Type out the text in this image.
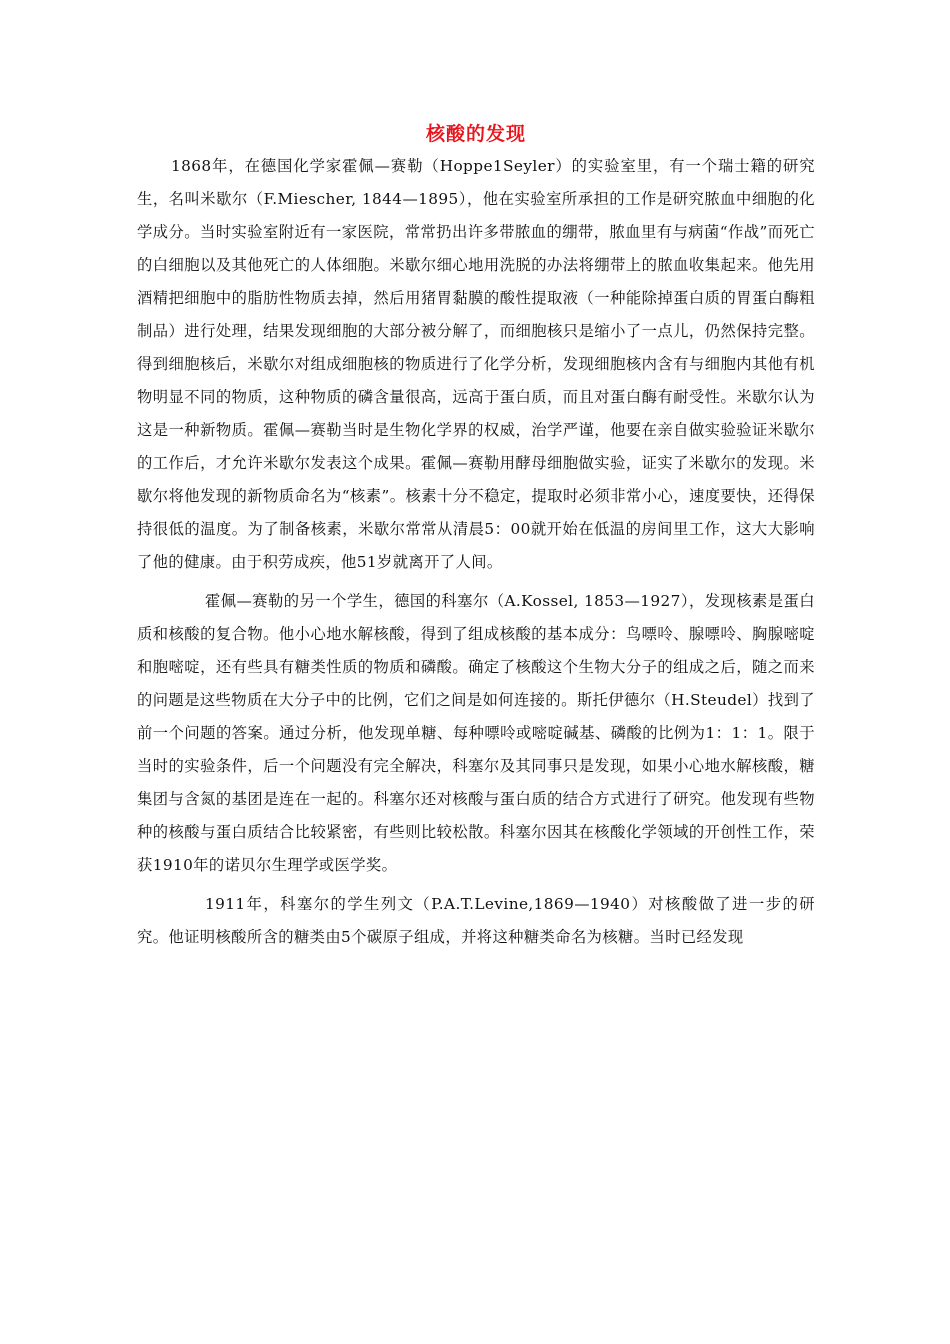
核酸的发现

1868年，在德国化学家霍佩—赛勒（Hoppe1Seyler）的实验室里，有一个瑞士籍的研究生，名叫米歇尔（F.Miescher, 1844—1895），他在实验室所承担的工作是研究脓血中细胞的化学成分。当时实验室附近有一家医院，常常扔出许多带脓血的绷带，脓血里有与病菌“作战”而死亡的白细胞以及其他死亡的人体细胞。米歇尔细心地用洗脱的办法将绷带上的脓血收集起来。他先用酒精把细胞中的脂肪性物质去掉，然后用猪胃黏膜的酸性提取液（一种能除掉蛋白质的胃蛋白酶粗制品）进行处理，结果发现细胞的大部分被分解了，而细胞核只是缩小了一点儿，仍然保持完整。得到细胞核后，米歇尔对组成细胞核的物质进行了化学分析，发现细胞核内含有与细胞内其他有机物明显不同的物质，这种物质的磷含量很高，远高于蛋白质，而且对蛋白酶有耐受性。米歇尔认为这是一种新物质。霍佩—赛勒当时是生物化学界的权威，治学严谨，他要在亲自做实验验证米歇尔的工作后，才允许米歇尔发表这个成果。霍佩—赛勒用酵母细胞做实验，证实了米歇尔的发现。米歇尔将他发现的新物质命名为“核素”。核素十分不稳定，提取时必须非常小心，速度要快，还得保持很低的温度。为了制备核素，米歇尔常常从清晨5：00就开始在低温的房间里工作，这大大影响了他的健康。由于积劳成疾，他51岁就离开了人间。

霍佩—赛勒的另一个学生，德国的科塞尔（A.Kossel, 1853—1927），发现核素是蛋白质和核酸的复合物。他小心地水解核酸，得到了组成核酸的基本成分：鸟嘌呤、腺嘌呤、胸腺嘧啶和胞嘧啶，还有些具有糖类性质的物质和磷酸。确定了核酸这个生物大分子的组成之后，随之而来的问题是这些物质在大分子中的比例，它们之间是如何连接的。斯托伊德尔（H.Steudel）找到了前一个问题的答案。通过分析，他发现单糖、每种嘌呤或嘧啶碱基、磷酸的比例为1：1：1。限于当时的实验条件，后一个问题没有完全解决，科塞尔及其同事只是发现，如果小心地水解核酸，糖集团与含氮的基团是连在一起的。科塞尔还对核酸与蛋白质的结合方式进行了研究。他发现有些物种的核酸与蛋白质结合比较紧密，有些则比较松散。科塞尔因其在核酸化学领域的开创性工作，荣获1910年的诺贝尔生理学或医学奖。

1911年，科塞尔的学生列文（P.A.T.Levine,1869—1940）对核酸做了进一步的研究。他证明核酸所含的糖类由5个碳原子组成，并将这种糖类命名为核糖。当时已经发现
